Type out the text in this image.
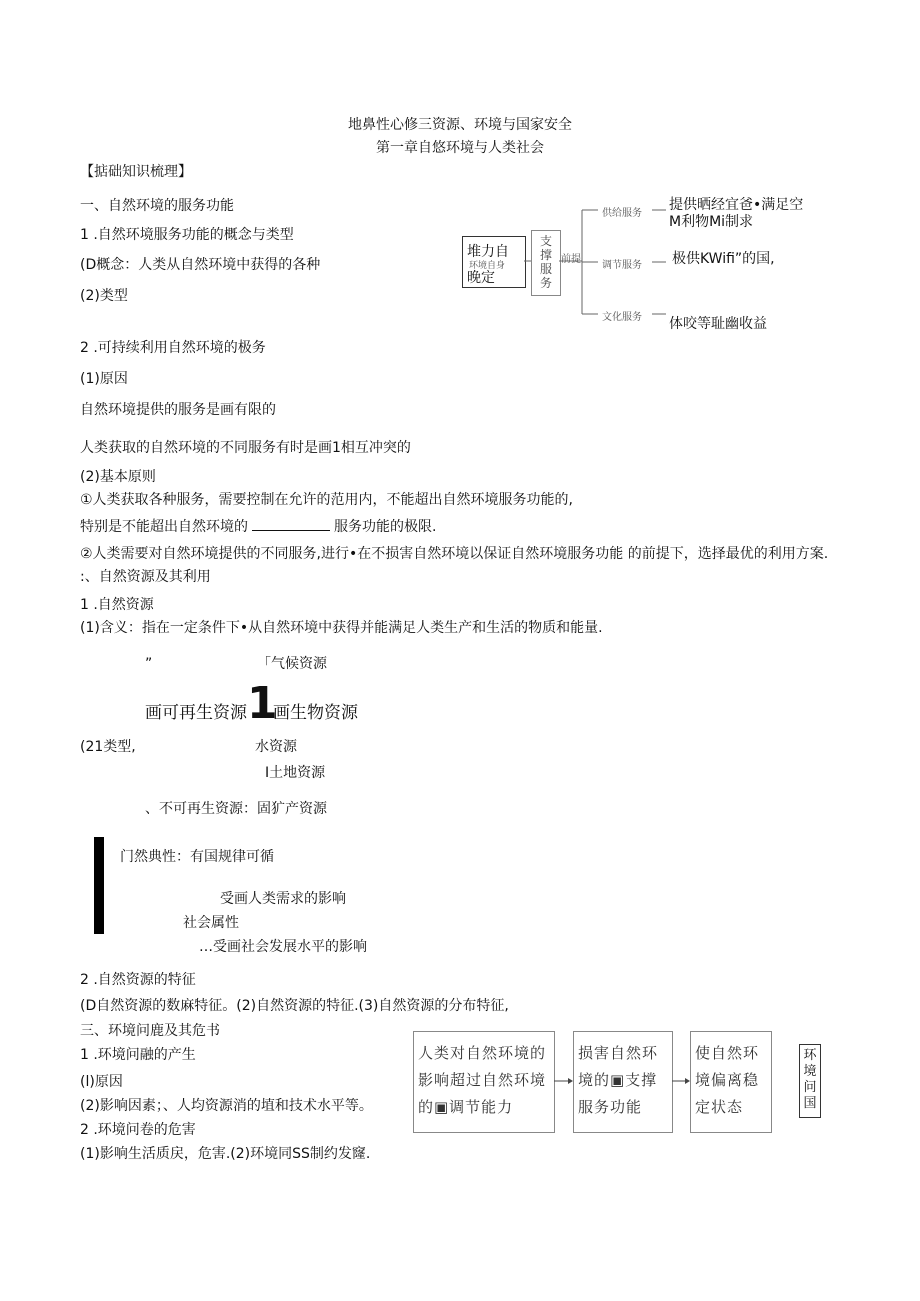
地鼻性心修三资源、环境与国家安全
第一章自悠环境与人类社会
【掂础知识梳理】
一、自然环境的服务功能
1 .自然环境服务功能的概念与类型
(D概念：人类从自然环境中获得的各种
(2)类型
堆力自
环境自身
晚定
支撑服务
前提
供给服务
调节服务
文化服务
提供晒经宜爸•满足空
M利物Mi制求
极供KWifi”的国,
体咬等耻幽收益
2 .可持续利用自然环境的极务
(1)原因
自然环境提供的服务是画有限的
人类获取的自然环境的不同服务有时是画1相互冲突的
(2)基本原则
①人类获取各种服务，需要控制在允许的范用内，不能超出自然环境服务功能的,
特别是不能超出自然环境的	服务功能的极限.
②人类需要对自然环境提供的不同服务,进行•在不损害自然环境以保证自然环境服务功能 的前提下，选择最优的利用方案.
:、自然资源及其利用
1 .自然资源
(1)含义：指在一定条件下•从自然环境中获得并能满足人类生产和生活的物质和能量.
”	「气候资源
画可再生资源 1
画生物资源
(21类型,	水资源
I土地资源
、不可再生资源：固犷产资源
门然典性：有国规律可循
受画人类需求的影响
社会属性
…受画社会发展水平的影响
2 .自然资源的特征
(D自然资源的数麻特征。(2)自然资源的特征.(3)自然资源的分布特征,
三、环境问鹿及其危书
1 .环境问融的产生
(l)原因
(2)影响因素；、人均资源消的埴和技术水平等。
2 .环境问卷的危害
(1)影响生活质戻，危害.(2)环境同SS制约发窿.
人类对自然环境的
影响超过自然环境
的▣调节能力
损害自然环
境的▣支撑
服务功能
使自然环
境偏离稳
定状态
环境问国
